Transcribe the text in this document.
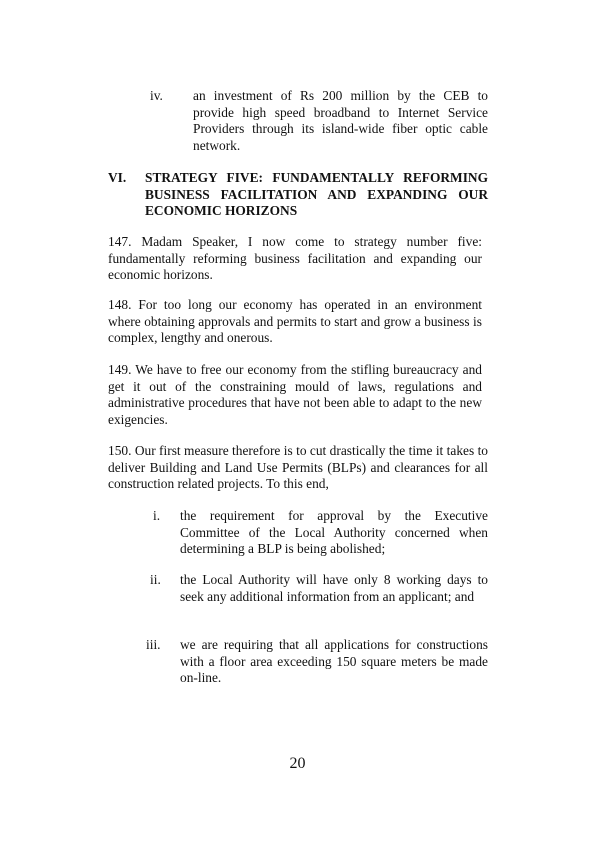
iv. an investment of Rs 200 million by the CEB to provide high speed broadband to Internet Service Providers through its island-wide fiber optic cable network.
VI. STRATEGY FIVE: FUNDAMENTALLY REFORMING BUSINESS FACILITATION AND EXPANDING OUR ECONOMIC HORIZONS
147. Madam Speaker, I now come to strategy number five: fundamentally reforming business facilitation and expanding our economic horizons.
148. For too long our economy has operated in an environment where obtaining approvals and permits to start and grow a business is complex, lengthy and onerous.
149. We have to free our economy from the stifling bureaucracy and get it out of the constraining mould of laws, regulations and administrative procedures that have not been able to adapt to the new exigencies.
150. Our first measure therefore is to cut drastically the time it takes to deliver Building and Land Use Permits (BLPs) and clearances for all construction related projects. To this end,
i. the requirement for approval by the Executive Committee of the Local Authority concerned when determining a BLP is being abolished;
ii. the Local Authority will have only 8 working days to seek any additional information from an applicant; and
iii. we are requiring that all applications for constructions with a floor area exceeding 150 square meters be made on-line.
20
